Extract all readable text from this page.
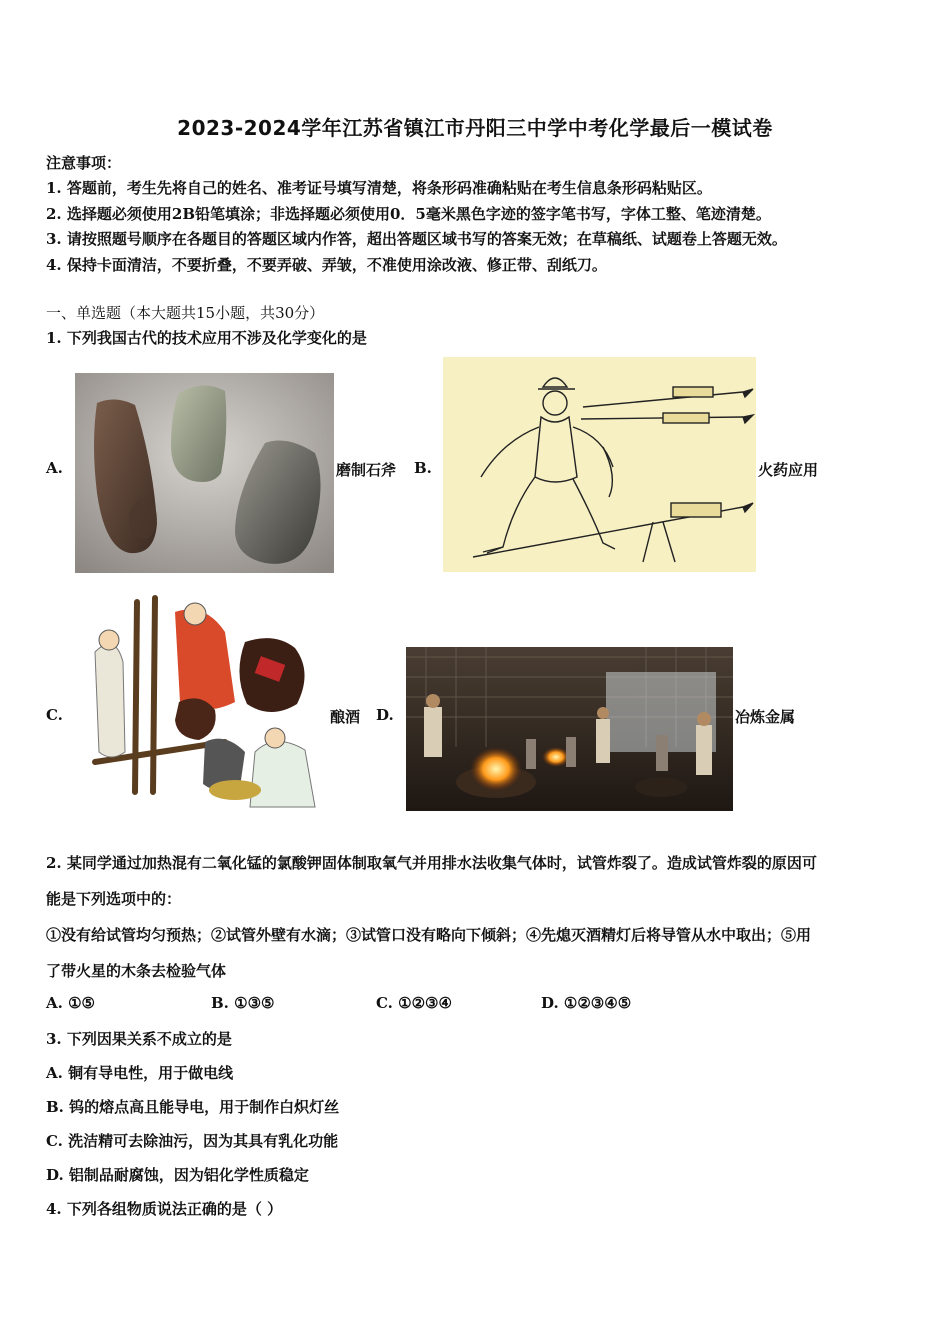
2023-2024学年江苏省镇江市丹阳三中学中考化学最后一模试卷
注意事项：
1. 答题前，考生先将自己的姓名、准考证号填写清楚，将条形码准确粘贴在考生信息条形码粘贴区。
2. 选择题必须使用2B铅笔填涂；非选择题必须使用0．5毫米黑色字迹的签字笔书写，字体工整、笔迹清楚。
3. 请按照题号顺序在各题目的答题区域内作答，超出答题区域书写的答案无效；在草稿纸、试题卷上答题无效。
4. 保持卡面清洁，不要折叠，不要弄破、弄皱，不准使用涂改液、修正带、刮纸刀。
一、单选题（本大题共15小题，共30分）
1. 下列我国古代的技术应用不涉及化学变化的是
A.	磨制石斧 B.	火药应用
C.	酿酒 D.	冶炼金属
2. 某同学通过加热混有二氧化锰的氯酸钾固体制取氧气并用排水法收集气体时，试管炸裂了。造成试管炸裂的原因可
能是下列选项中的：
①没有给试管均匀预热；②试管外壁有水滴；③试管口没有略向下倾斜；④先熄灭酒精灯后将导管从水中取出；⑤用
了带火星的木条去检验气体
A. ①⑤	B. ①③⑤	C. ①②③④	D. ①②③④⑤
3. 下列因果关系不成立的是
A. 铜有导电性，用于做电线
B. 钨的熔点高且能导电，用于制作白炽灯丝
C. 洗洁精可去除油污，因为其具有乳化功能
D. 铝制品耐腐蚀，因为铝化学性质稳定
4. 下列各组物质说法正确的是（ ）
